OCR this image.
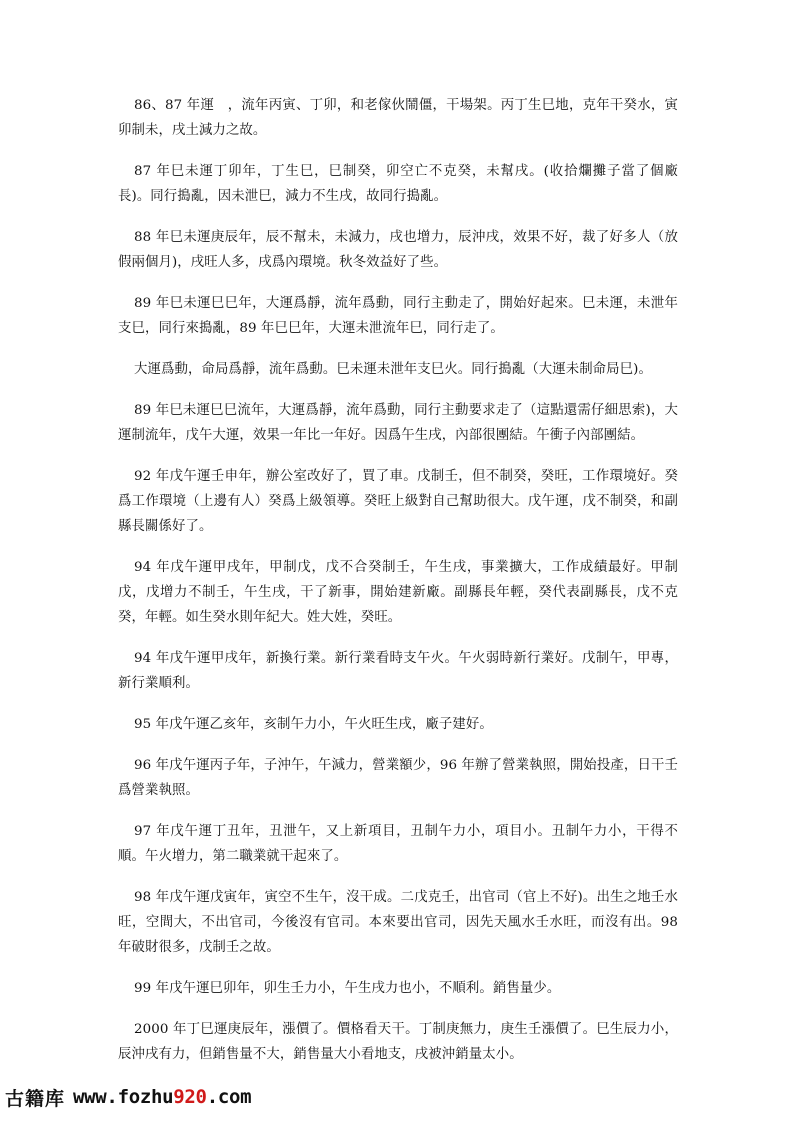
86、87 年運　，流年丙寅、丁卯，和老傢伙鬧僵，干場架。丙丁生巳地，克年干癸水，寅卯制未，戌土減力之故。

87 年巳未運丁卯年，丁生巳，巳制癸，卯空亡不克癸，未幫戌。(收拾爛攤子當了個廠長)。同行搗亂，因未泄巳，減力不生戌，故同行搗亂。

88 年巳未運庚辰年，辰不幫未，未減力，戌也增力，辰沖戌，效果不好，裁了好多人（放假兩個月)，戌旺人多，戌爲內環境。秋冬效益好了些。

89 年巳未運巳巳年，大運爲靜，流年爲動，同行主動走了，開始好起來。巳未運，未泄年支巳，同行來搗亂，89 年巳巳年，大運未泄流年巳，同行走了。

大運爲動，命局爲靜，流年爲動。巳未運未泄年支巳火。同行搗亂（大運未制命局巳)。

89 年巳未運巳巳流年，大運爲靜，流年爲動，同行主動要求走了（這點還需仔細思索)，大運制流年，戊午大運，效果一年比一年好。因爲午生戌，內部很團結。午衝子內部團結。

92 年戊午運壬申年，辦公室改好了，買了車。戊制壬，但不制癸，癸旺，工作環境好。癸爲工作環境（上邊有人）癸爲上級領導。癸旺上級對自己幫助很大。戊午運，戊不制癸，和副縣長關係好了。

94 年戊午運甲戌年，甲制戊，戊不合癸制壬，午生戌，事業擴大，工作成績最好。甲制戊，戊增力不制壬，午生戌，干了新事，開始建新廠。副縣長年輕，癸代表副縣長，戊不克癸，年輕。如生癸水則年紀大。姓大姓，癸旺。

94 年戊午運甲戌年，新換行業。新行業看時支午火。午火弱時新行業好。戊制午，甲專，新行業順利。

95 年戊午運乙亥年，亥制午力小，午火旺生戌，廠子建好。

96 年戊午運丙子年，子沖午，午減力，營業額少，96 年辦了營業執照，開始投產，日干壬爲營業執照。

97 年戊午運丁丑年，丑泄午，又上新項目，丑制午力小，項目小。丑制午力小，干得不順。午火增力，第二職業就干起來了。

98 年戊午運戊寅年，寅空不生午，沒干成。二戊克壬，出官司（官上不好)。出生之地壬水旺，空間大，不出官司，今後沒有官司。本來要出官司，因先天風水壬水旺，而沒有出。98 年破財很多，戊制壬之故。

99 年戊午運巳卯年，卯生壬力小，午生戌力也小，不順利。銷售量少。

2000 年丁巳運庚辰年，漲價了。價格看天干。丁制庚無力，庚生壬漲價了。巳生辰力小，辰沖戌有力，但銷售量不大，銷售量大小看地支，戌被沖銷量太小。

古籍库 www.fozhu920.com
